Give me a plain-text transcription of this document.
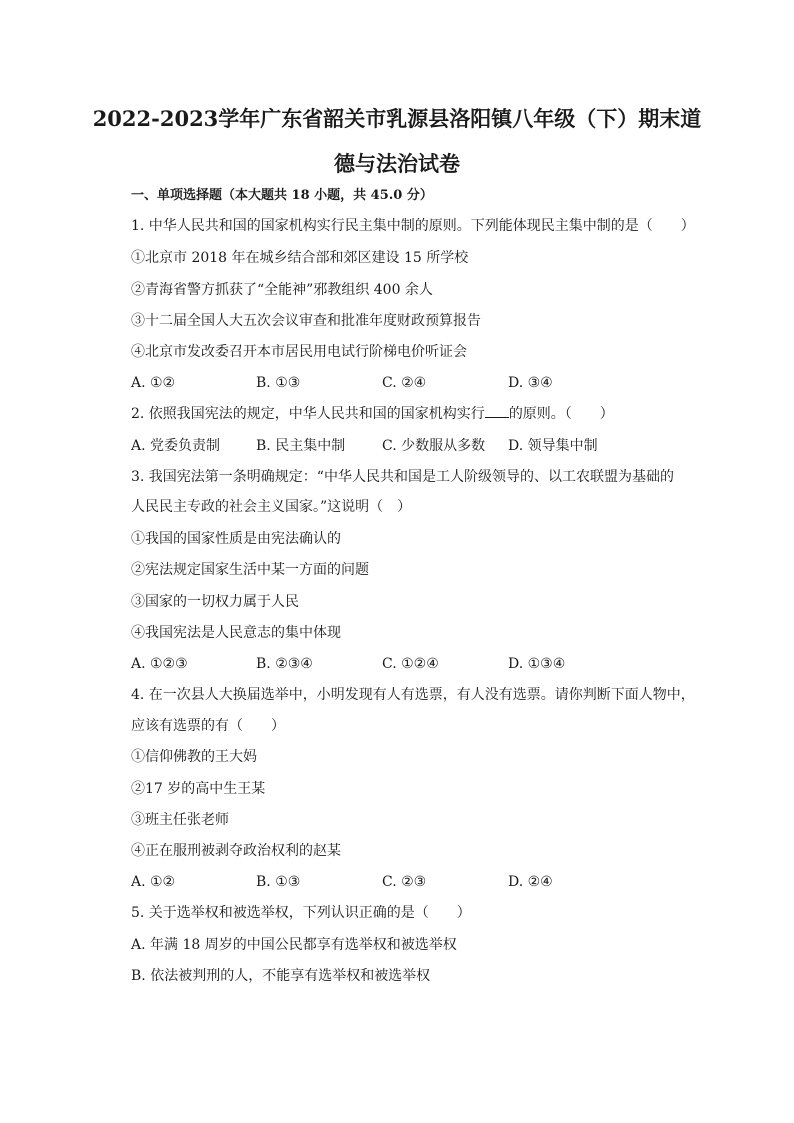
2022-2023学年广东省韶关市乳源县洛阳镇八年级（下）期末道
德与法治试卷
一、单项选择题（本大题共 18 小题，共 45.0 分）
1. 中华人民共和国的国家机构实行民主集中制的原则。下列能体现民主集中制的是（　　）
①北京市 2018 年在城乡结合部和郊区建设 15 所学校
②青海省警方抓获了“全能神”邪教组织 400 余人
③十二届全国人大五次会议审查和批准年度财政预算报告
④北京市发改委召开本市居民用电试行阶梯电价听证会
A. ①②	B. ①③	C. ②④	D. ③④
2. 依照我国宪法的规定，中华人民共和国的国家机构实行 的原则。（　　）
A. 党委负责制	B. 民主集中制	C. 少数服从多数 D. 领导集中制
3. 我国宪法第一条明确规定：“中华人民共和国是工人阶级领导的、以工农联盟为基础的
人民民主专政的社会主义国家。”这说明（　）
①我国的国家性质是由宪法确认的
②宪法规定国家生活中某一方面的问题
③国家的一切权力属于人民
④我国宪法是人民意志的集中体现
A. ①②③	B. ②③④	C. ①②④	D. ①③④
4. 在一次县人大换届选举中，小明发现有人有选票，有人没有选票。请你判断下面人物中，
应该有选票的有（　　）
①信仰佛教的王大妈
②17 岁的高中生王某
③班主任张老师
④正在服刑被剥夺政治权利的赵某
A. ①②	B. ①③	C. ②③	D. ②④
5. 关于选举权和被选举权，下列认识正确的是（　　）
A. 年满 18 周岁的中国公民都享有选举权和被选举权
B. 依法被判刑的人，不能享有选举权和被选举权
